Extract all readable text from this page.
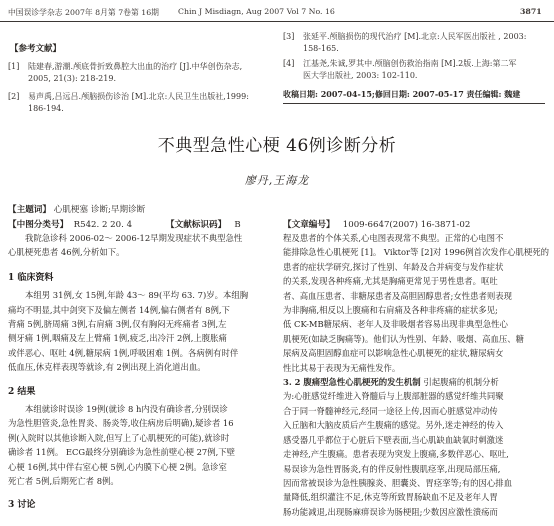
中国误诊学杂志 2007年 8月第 7卷第 16期 Chin J Misdiagn, Aug 2007 Vol 7 No. 16	3871
【参考文献】
[1] 陆建春,游潮.颅底骨折致鼻腔大出血的治疗 [J].中华创伤杂志,
2005, 21(3): 218-219.
[2] 易声禹,吕远吕.颅脑损伤诊治 [M].北京:人民卫生出版社,1999:
186-194.
[3] 张延平.颅脑损伤的现代治疗 [M].北京:人民军医出版社 , 2003:
158-165.
[4] 江基尧,朱诚,罗其中.颅脑创伤救治指南 [M].2版.上海:第二军
医大学出版社, 2003: 102-110.
收稿日期: 2007-04-15;修回日期: 2007-05-17 责任编辑: 魏建
不典型急性心梗 46例诊断分析
廖丹,王海龙
【主题词】 心肌梗塞 诊断;早期诊断
【中图分类号】 R542. 2 20. 4	【文献标识码】 B	【文章编号】 1009-6647(2007) 16-3871-02

我院急诊科 2006-02～ 2006-12早期发现症状不典型急性

心肌梗死患者 46例,分析如下。

1 临床资料

本组男 31例,女 15例,年龄 43～ 89(平均 63. 7)岁。本组胸

痛均不明显,其中剑突下及偏左侧者 14例,偏右侧者有 8例,下

背痛 5例,脐周痛 3例,右肩痛 3例,仅有胸闷无疼痛者 3例,左

侧牙痛 1例,咽痛及左上臂痛 1例,疲乏,出冷汗 2例,上腹胀痛

或伴恶心、呕吐 4例,糖尿病 1例,呼吸困难 1例。各病例有时伴

低血压,休克样表现等就诊,有 2例出现上消化道出血。

2 结果

本组就诊时误诊 19例(就诊 8 h内没有确诊者,分别误诊

为急性胆管炎,急性胃炎、肠炎等,收住病房后明确),疑诊者 16

例(入院时以其他诊断入院,但写上了心肌梗死的可能),就诊时

确诊者 11例。 ECG最终分别确诊为急性前壁心梗 27例,下壁

心梗 16例,其中伴右室心梗 5例,心内膜下心梗 2例。急诊室

死亡者 5例,后期死亡者 8例。

3 讨论

程及患者的个体关系,心电图表现常不典型。正常的心电图不

能排除急性心肌梗死 [1]。 Viktor等 [2]对 1996例首次发作心肌梗死的

患者的症状学研究,探讨了性别、年龄及合并病变与发作症状

的关系,发现各种疼痛,尤其是胸痛更常见于男性患者。呕吐

者、高血压患者、非糖尿患者及高胆固醇患者;女性患者则表现

为非胸痛,相反以上腹痛和右肩痛及各种非疼痛的症状多见;

低 CK-MB糖尿病、老年人及非吸烟者容易出现非典型急性心

肌梗死(如缺乏胸痛等)。他们认为性别、年龄、吸烟、高血压、糖

尿病及高胆固醇血症可以影响急性心肌梗死的症状,糖尿病女

性比其易于表现为无痛性发作。

3. 2 腹痛型急性心肌梗死的发生机制 引起腹痛的机制分析

为:心脏感觉纤维进入脊髓后与上腹部脏器的感觉纤维共同聚

合于同一脊髓神经元,经同一途径上传,因而心脏感觉冲动传

入丘脑和大脑皮质后产生腹痛的感觉。另外,迷走神经的传入

感受器几乎都位于心脏后下壁表面,当心肌缺血缺氧时刺激迷

走神经,产生腹痛。患者表现为突发上腹痛,多数伴恶心、呕吐,

易误诊为急性胃肠炎,有的伴反射性腹肌痉挛,出现局部压痛,

因而常被误诊为急性胰腺炎、胆囊炎、胃痉挛等;有的因心排血

量降低,组织灌注不足,休克等所致胃肠缺血不足及老年人胃

肠功能减退,出现肠麻痹误诊为肠梗阻;少数因应激性溃疡而
